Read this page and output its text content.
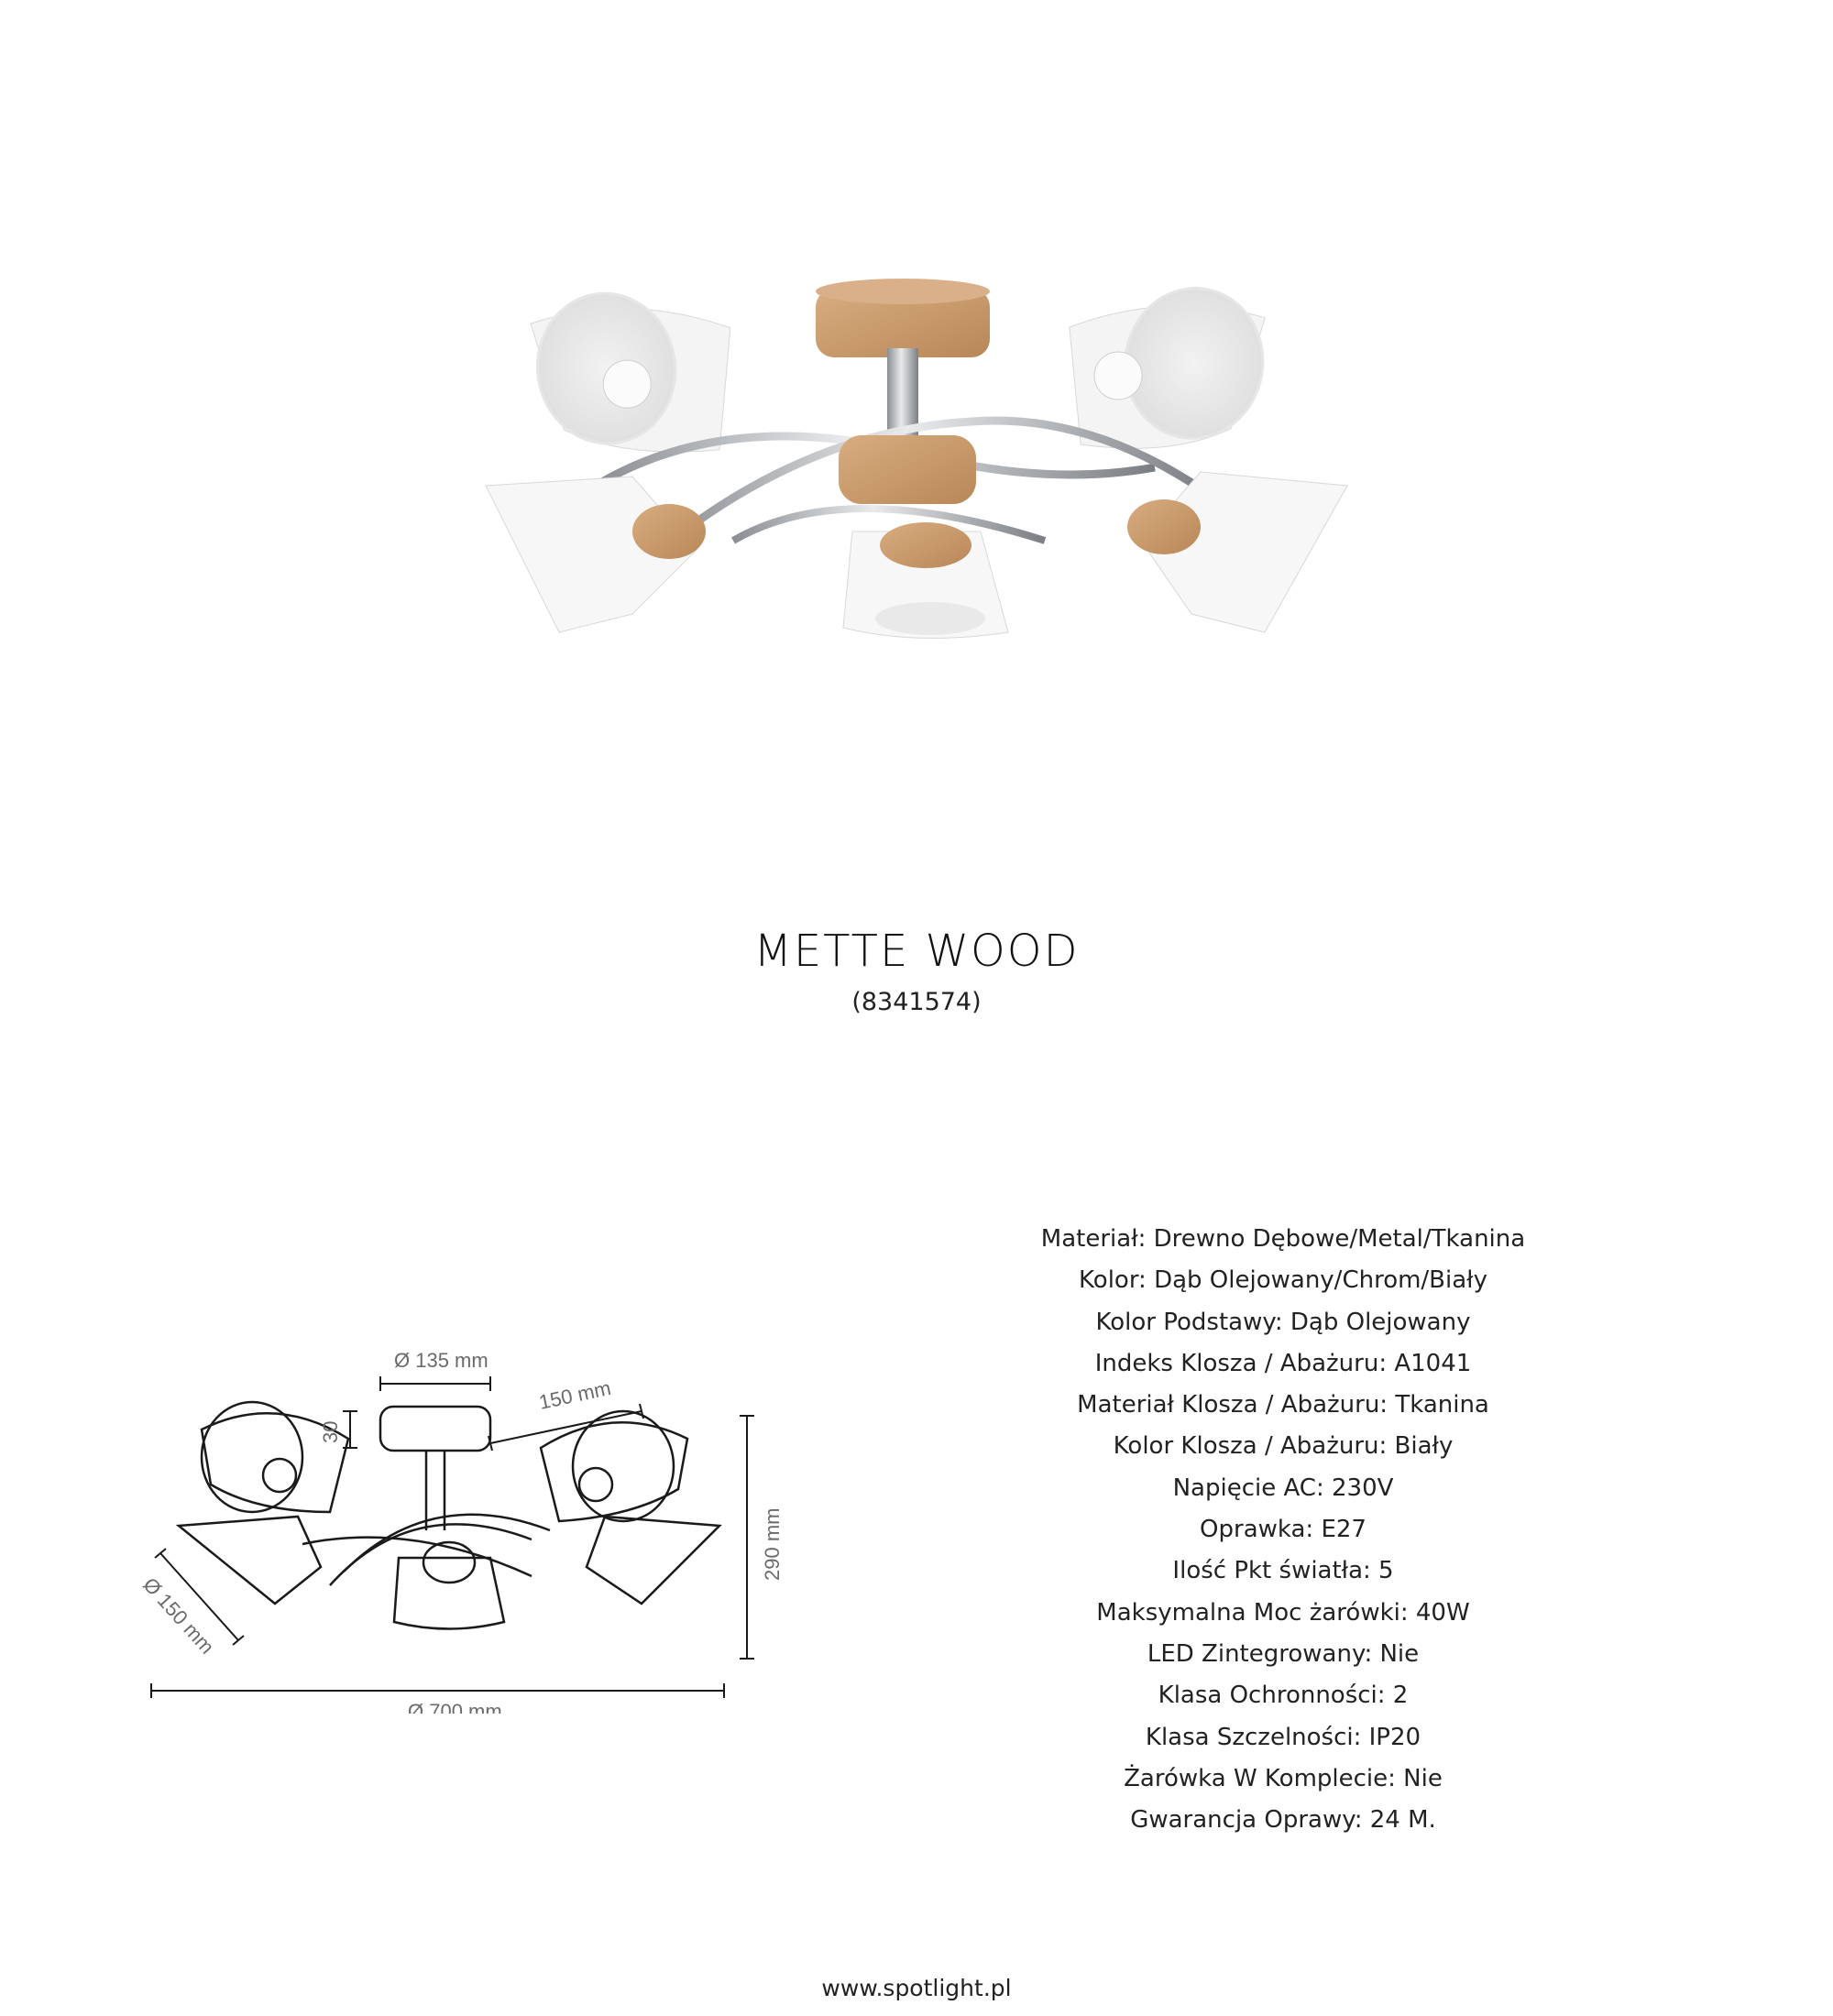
METTE WOOD
(8341574)
Ø 135 mm
150 mm
30
290 mm
Ø 700 mm
Ø 150 mm
Materiał: Drewno Dębowe/Metal/Tkanina
Kolor: Dąb Olejowany/Chrom/Biały
Kolor Podstawy: Dąb Olejowany
Indeks Klosza / Abażuru: A1041
Materiał Klosza / Abażuru: Tkanina
Kolor Klosza / Abażuru: Biały
Napięcie AC: 230V
Oprawka: E27
Ilość Pkt światła: 5
Maksymalna Moc żarówki: 40W
LED Zintegrowany: Nie
Klasa Ochronności: 2
Klasa Szczelności: IP20
Żarówka W Komplecie: Nie
Gwarancja Oprawy: 24 M.
www.spotlight.pl
